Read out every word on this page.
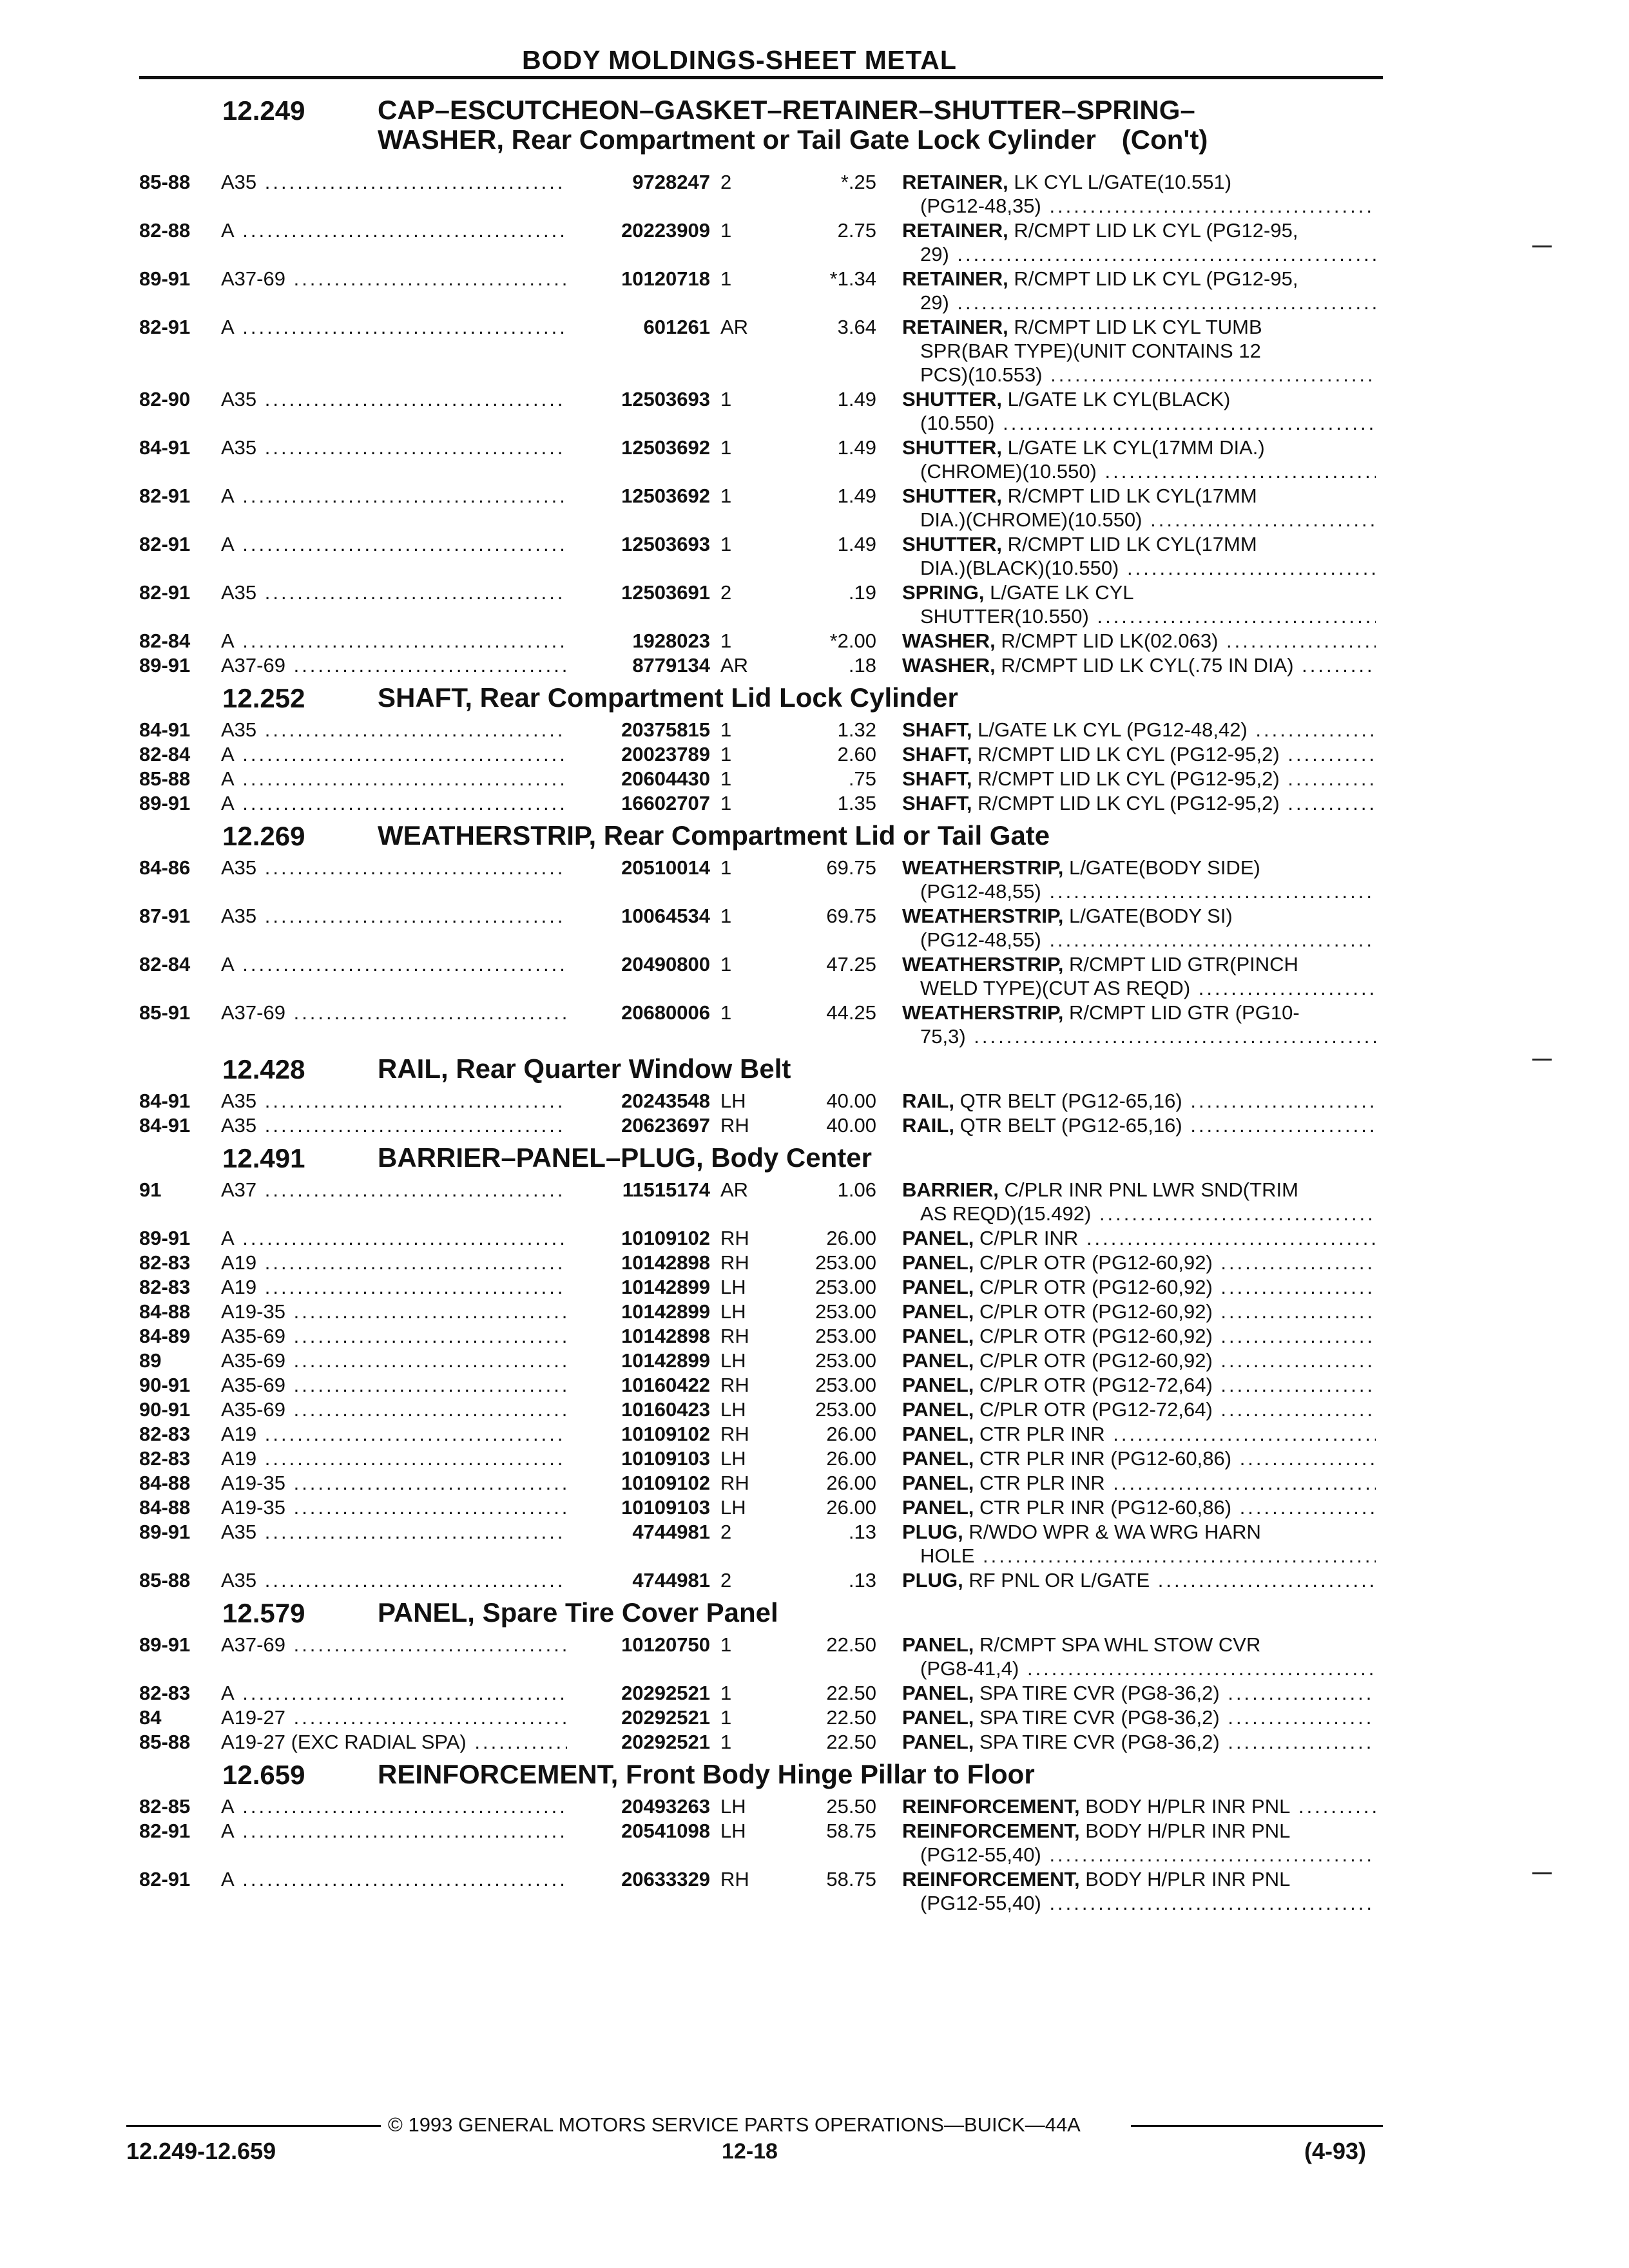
BODY MOLDINGS-SHEET METAL
12.249	CAP–ESCUTCHEON–GASKET–RETAINER–SHUTTER–SPRING–
WASHER, Rear Compartment or Tail Gate Lock Cylinder (Con't)
85-88 A35 .....	9728247 2	*.25 RETAINER, LK CYL L/GATE(10.551)
(PG12-48,35) .....
82-88 A .....	20223909 1	2.75 RETAINER, R/CMPT LID LK CYL (PG12-95,
29) .....
89-91 A37-69 .....	10120718 1	*1.34 RETAINER, R/CMPT LID LK CYL (PG12-95,
29) .....
82-91 A .....	601261 AR	3.64 RETAINER, R/CMPT LID LK CYL TUMB
SPR(BAR TYPE)(UNIT CONTAINS 12
PCS)(10.553) .....
82-90 A35 .....	12503693 1	1.49 SHUTTER, L/GATE LK CYL(BLACK)
(10.550) .....
84-91 A35 .....	12503692 1	1.49 SHUTTER, L/GATE LK CYL(17MM DIA.)
(CHROME)(10.550) .....
82-91 A .....	12503692 1	1.49 SHUTTER, R/CMPT LID LK CYL(17MM
DIA.)(CHROME)(10.550) .....
82-91 A .....	12503693 1	1.49 SHUTTER, R/CMPT LID LK CYL(17MM
DIA.)(BLACK)(10.550) .....
82-91 A35 .....	12503691 2	.19 SPRING, L/GATE LK CYL
SHUTTER(10.550) .....
82-84 A .....	1928023 1	*2.00 WASHER, R/CMPT LID LK(02.063) .....
89-91 A37-69 .....	8779134 AR	.18 WASHER, R/CMPT LID LK CYL(.75 IN DIA) .....
12.252	SHAFT, Rear Compartment Lid Lock Cylinder
84-91 A35 .....	20375815 1	1.32 SHAFT, L/GATE LK CYL (PG12-48,42) .....
82-84 A .....	20023789 1	2.60 SHAFT, R/CMPT LID LK CYL (PG12-95,2) .....
85-88 A .....	20604430 1	.75 SHAFT, R/CMPT LID LK CYL (PG12-95,2) .....
89-91 A .....	16602707 1	1.35 SHAFT, R/CMPT LID LK CYL (PG12-95,2) .....
12.269	WEATHERSTRIP, Rear Compartment Lid or Tail Gate
84-86 A35 .....	20510014 1	69.75 WEATHERSTRIP, L/GATE(BODY SIDE)
(PG12-48,55) .....
87-91 A35 .....	10064534 1	69.75 WEATHERSTRIP, L/GATE(BODY SI)
(PG12-48,55) .....
82-84 A .....	20490800 1	47.25 WEATHERSTRIP, R/CMPT LID GTR(PINCH
WELD TYPE)(CUT AS REQD) .....
85-91 A37-69 .....	20680006 1	44.25 WEATHERSTRIP, R/CMPT LID GTR (PG10-
75,3) .....
12.428	RAIL, Rear Quarter Window Belt
84-91 A35 .....	20243548 LH	40.00 RAIL, QTR BELT (PG12-65,16) .....
84-91 A35 .....	20623697 RH	40.00 RAIL, QTR BELT (PG12-65,16) .....
12.491	BARRIER–PANEL–PLUG, Body Center
91	A37 .....	11515174 AR	1.06 BARRIER, C/PLR INR PNL LWR SND(TRIM
AS REQD)(15.492) .....
89-91 A .....	10109102 RH	26.00 PANEL, C/PLR INR .....
82-83 A19 .....	10142898 RH	253.00 PANEL, C/PLR OTR (PG12-60,92) .....
82-83 A19 .....	10142899 LH	253.00 PANEL, C/PLR OTR (PG12-60,92) .....
84-88 A19-35 .....	10142899 LH	253.00 PANEL, C/PLR OTR (PG12-60,92) .....
84-89 A35-69 .....	10142898 RH	253.00 PANEL, C/PLR OTR (PG12-60,92) .....
89	A35-69 .....	10142899 LH	253.00 PANEL, C/PLR OTR (PG12-60,92) .....
90-91 A35-69 .....	10160422 RH	253.00 PANEL, C/PLR OTR (PG12-72,64) .....
90-91 A35-69 .....	10160423 LH	253.00 PANEL, C/PLR OTR (PG12-72,64) .....
82-83 A19 .....	10109102 RH	26.00 PANEL, CTR PLR INR .....
82-83 A19 .....	10109103 LH	26.00 PANEL, CTR PLR INR (PG12-60,86) .....
84-88 A19-35 .....	10109102 RH	26.00 PANEL, CTR PLR INR .....
84-88 A19-35 .....	10109103 LH	26.00 PANEL, CTR PLR INR (PG12-60,86) .....
89-91 A35 .....	4744981 2	.13 PLUG, R/WDO WPR & WA WRG HARN
HOLE .....
85-88 A35 .....	4744981 2	.13 PLUG, RF PNL OR L/GATE .....
12.579	PANEL, Spare Tire Cover Panel
89-91 A37-69 .....	10120750 1	22.50 PANEL, R/CMPT SPA WHL STOW CVR
(PG8-41,4) .....
82-83 A .....	20292521 1	22.50 PANEL, SPA TIRE CVR (PG8-36,2) .....
84	A19-27 .....	20292521 1	22.50 PANEL, SPA TIRE CVR (PG8-36,2) .....
85-88 A19-27 (EXC RADIAL SPA) .....	20292521 1	22.50 PANEL, SPA TIRE CVR (PG8-36,2) .....
12.659	REINFORCEMENT, Front Body Hinge Pillar to Floor
82-85 A .....	20493263 LH	25.50 REINFORCEMENT, BODY H/PLR INR PNL .....
82-91 A .....	20541098 LH	58.75 REINFORCEMENT, BODY H/PLR INR PNL
(PG12-55,40) .....
82-91 A .....	20633329 RH	58.75 REINFORCEMENT, BODY H/PLR INR PNL
(PG12-55,40) .....
© 1993 GENERAL MOTORS SERVICE PARTS OPERATIONS—BUICK—44A
12.249-12.659	12-18	(4-93)
